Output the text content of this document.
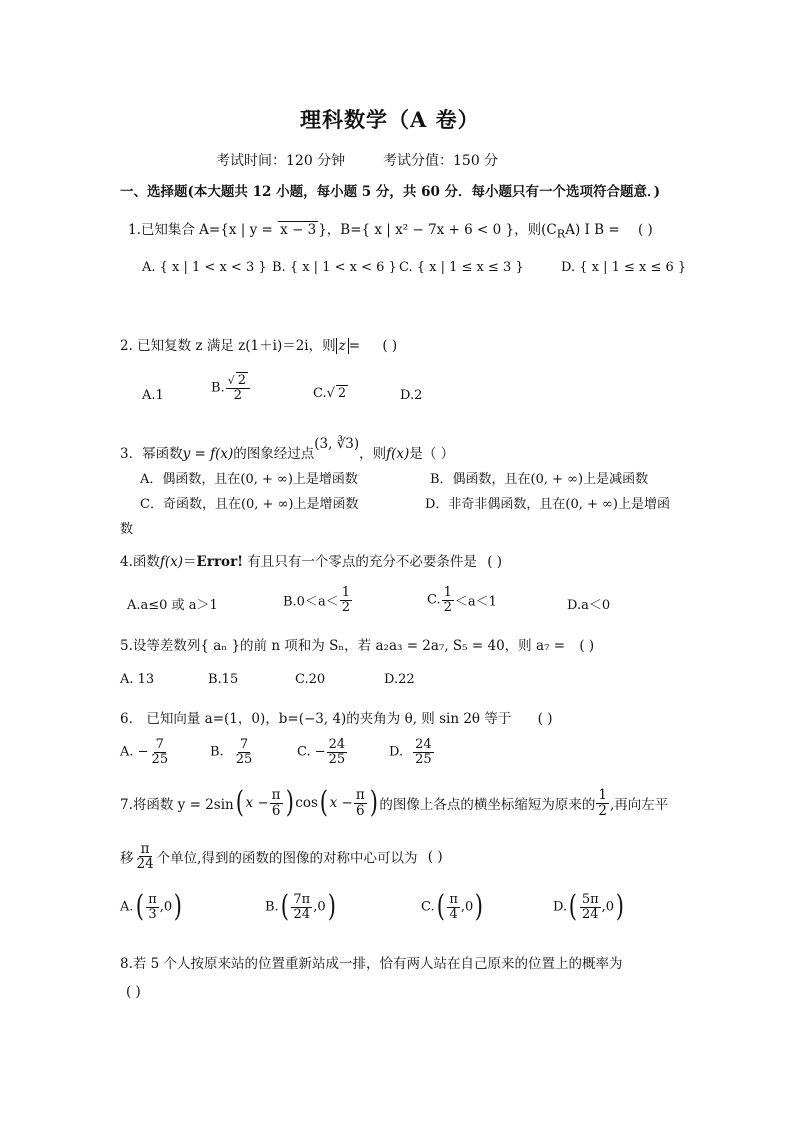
理科数学（A 卷）
考试时间：120 分钟	考试分值：150 分
一、选择题(本大题共 12 小题，每小题 5 分，共 60 分．每小题只有一个选项符合题意．)
1.已知集合 A={x | y = x − 3 }，B={ x | x² − 7x + 6 < 0 }，则$(C_RA)$ I B = ( )
A. { x | 1 < x < 3 } B. { x | 1 < x < 6 } C. { x | 1 ≤ x ≤ 3 }	D. { x | 1 ≤ x ≤ 6 }
2. 已知复数 z 满足 z(1＋i)＝2i，则 z = ( )
A.1	B. $\frac{√ 2}{2}$	C.√ 2	D.2
3．幂函数y = f(x)的图象经过点(3, ∛3)，则f(x)是（ ）
A．偶函数，且在(0, + ∞)上是增函数	B．偶函数，且在(0, + ∞)上是减函数
C．奇函数，且在(0, + ∞)上是增函数	D．非奇非偶函数，且在(0, + ∞)上是增函
数
4.函数f(x)＝Error! 有且只有一个零点的充分不必要条件是 ( )
A.a≤0 或 a＞1	$B.0<a< \frac{1}{2}$	C. $\frac{1}{2} <a<1$	D.a＜0
5.设等差数列{ aₙ }的前 n 项和为 Sₙ，若 a₂a₃ = 2a₇, S₅ = 40，则 a₇ = ( )
A. 13	B.15	C.20	D.22
6． 已知向量 a=(1，0)，b=(−3, 4)的夹角为 θ, 则 sin 2θ 等于 ( )
A. − $\frac{7}{25}$	B. $\frac{7}{25}$	C. − $\frac{24}{25}$	D. $\frac{24}{25}$
7.将函数 y = 2sin( $x - \frac{\pi}{6}$ ) cos( $x - \frac{\pi}{6}$ ) 的图像上各点的横坐标缩短为原来的 $\frac{1}{2}$ ,再向左平
移 $\frac{\pi}{24}$ 个单位,得到的函数的图像的对称中心可以为 ( )
$A.( \frac{\pi}{3} ,0)$	$B.( \frac{7\pi}{24} ,0)$	$C.( \frac{\pi}{4} ,0)$	$D.( \frac{5\pi}{24} ,0)$
8.若 5 个人按原来站的位置重新站成一排，恰有两人站在自己原来的位置上的概率为
( )
